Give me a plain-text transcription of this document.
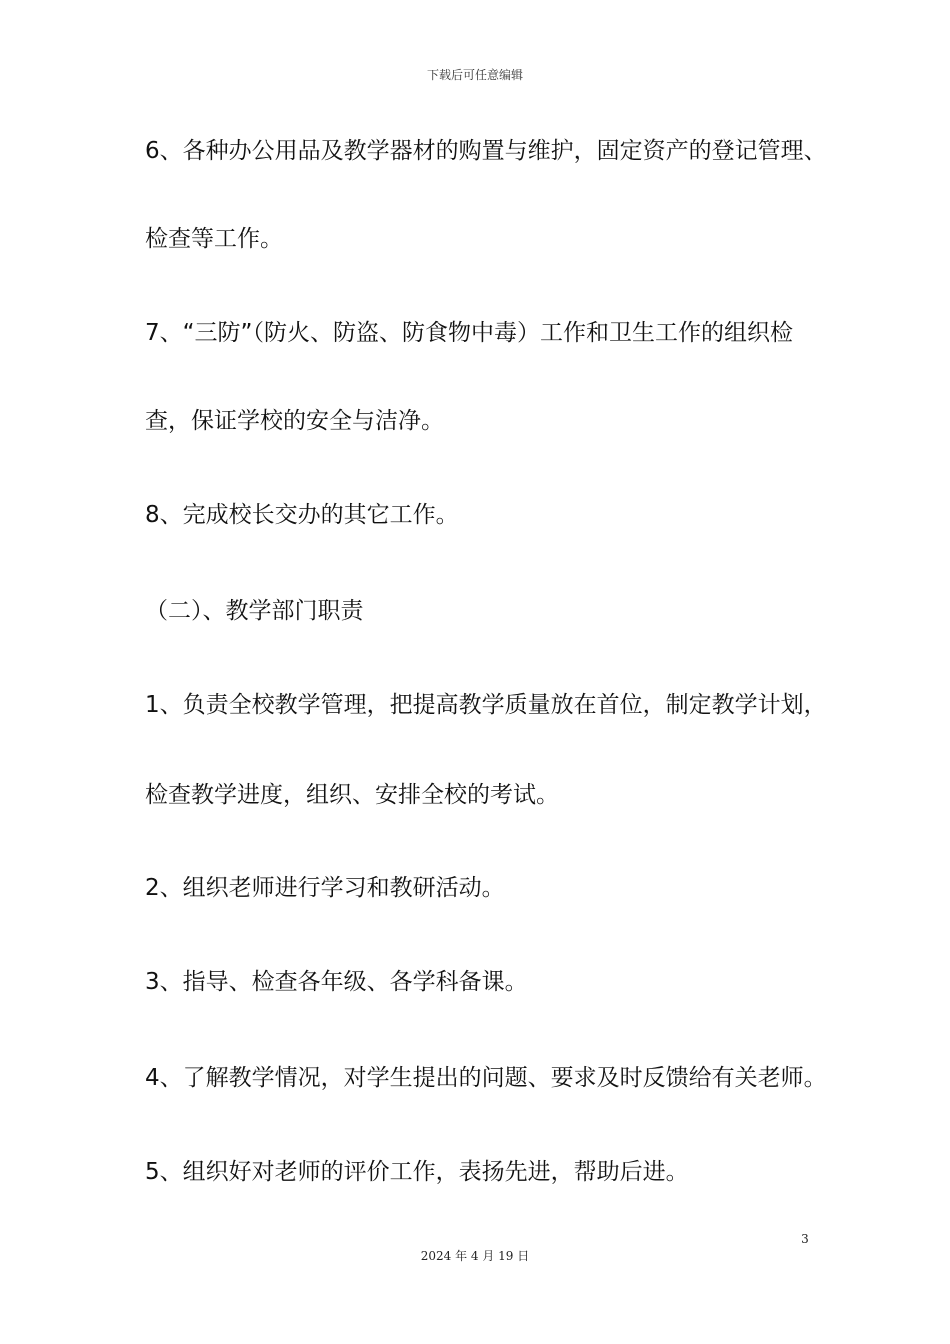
下载后可任意编辑
6、各种办公用品及教学器材的购置与维护，固定资产的登记管理、
检查等工作。
7、“三防”（防火、防盗、防食物中毒）工作和卫生工作的组织检
查，保证学校的安全与洁净。
8、完成校长交办的其它工作。
（二）、教学部门职责
1、负责全校教学管理，把提高教学质量放在首位，制定教学计划，
检查教学进度，组织、安排全校的考试。
2、组织老师进行学习和教研活动。
3、指导、检查各年级、各学科备课。
4、了解教学情况，对学生提出的问题、要求及时反馈给有关老师。
5、组织好对老师的评价工作，表扬先进，帮助后进。
3
2024 年 4 月 19 日
